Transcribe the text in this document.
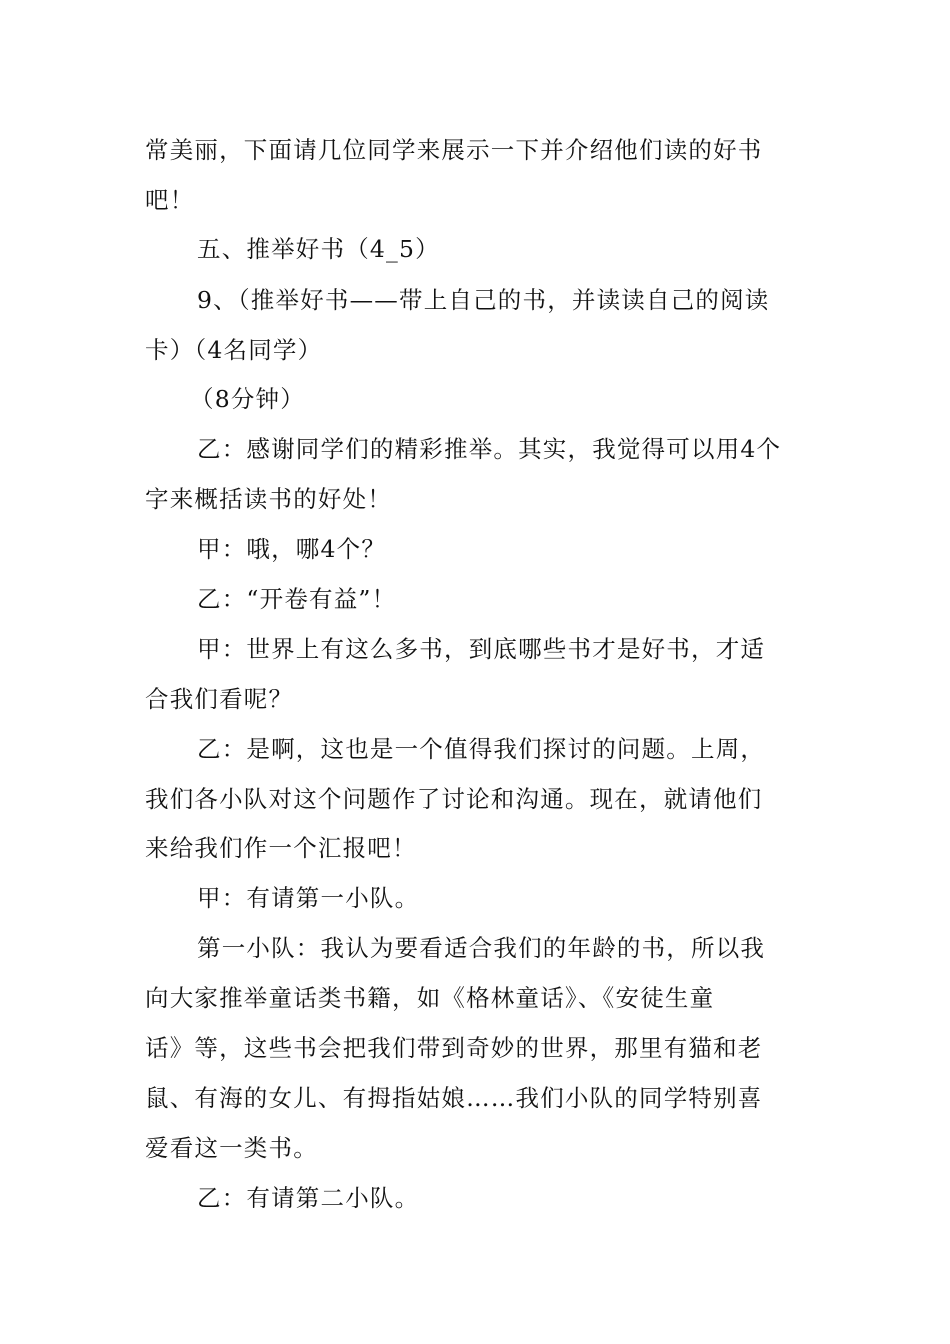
常美丽，下面请几位同学来展示一下并介绍他们读的好书
吧！
五、推举好书（4_5）
9、（推举好书——带上自己的书，并读读自己的阅读
卡）（4名同学）
（8分钟）
乙：感谢同学们的精彩推举。其实，我觉得可以用4个
字来概括读书的好处！
甲：哦，哪4个？
乙：“开卷有益”！
甲：世界上有这么多书，到底哪些书才是好书，才适
合我们看呢？
乙：是啊，这也是一个值得我们探讨的问题。上周，
我们各小队对这个问题作了讨论和沟通。现在，就请他们
来给我们作一个汇报吧！
甲：有请第一小队。
第一小队：我认为要看适合我们的年龄的书，所以我
向大家推举童话类书籍，如《格林童话》、《安徒生童
话》等，这些书会把我们带到奇妙的世界，那里有猫和老
鼠、有海的女儿、有拇指姑娘……我们小队的同学特别喜
爱看这一类书。
乙：有请第二小队。
